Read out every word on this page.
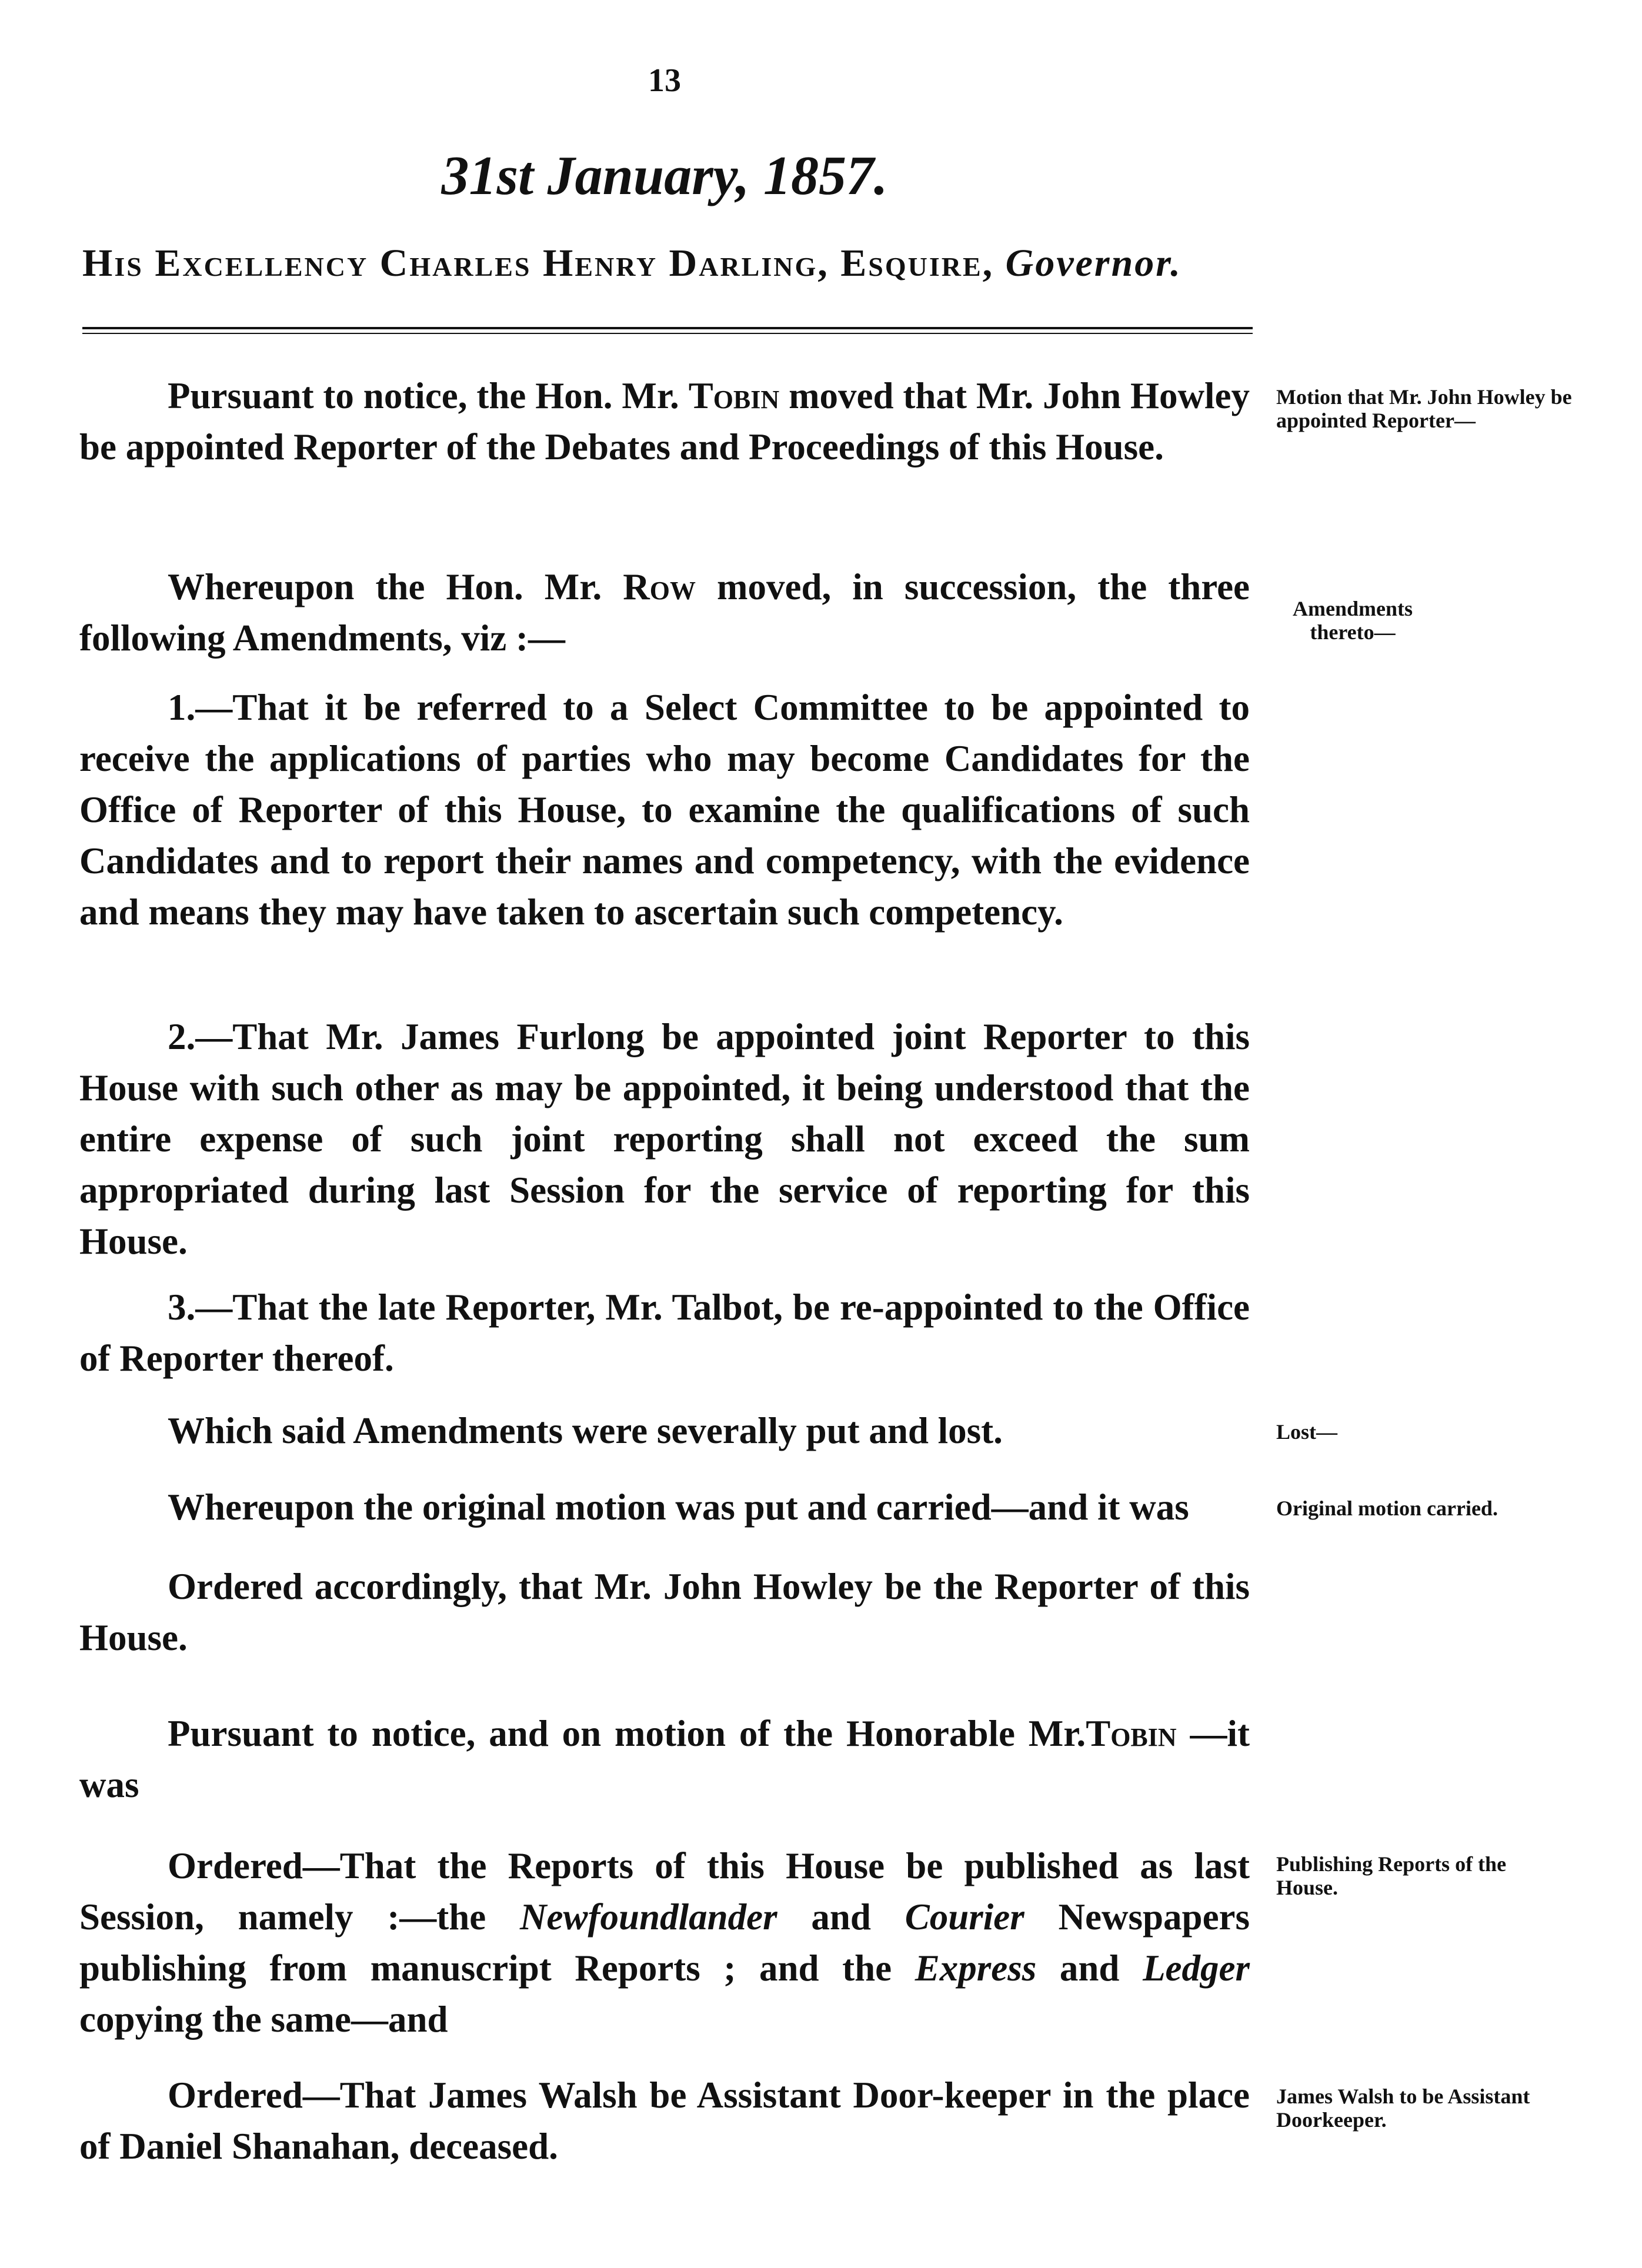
13
31st January, 1857.
His Excellency Charles Henry Darling, Esquire, Governor.

Pursuant to notice, the Hon. Mr. Tobin moved that Mr. John Howley be appointed Reporter of the Debates and Proceedings of this House.

Whereupon the Hon. Mr. Row moved, in succession, the three following Amendments, viz :—

1.—That it be referred to a Select Committee to be appointed to receive the applications of parties who may become Candidates for the Office of Reporter of this House, to examine the qualifications of such Candidates and to report their names and competency, with the evidence and means they may have taken to ascertain such competency.

2.—That Mr. James Furlong be appointed joint Reporter to this House with such other as may be appointed, it being understood that the entire expense of such joint reporting shall not exceed the sum appropriated during last Session for the service of reporting for this House.

3.—That the late Reporter, Mr. Talbot, be re-appointed to the Office of Reporter thereof.

Which said Amendments were severally put and lost.

Whereupon the original motion was put and carried—and it was

Ordered accordingly, that Mr. John Howley be the Reporter of this House.

Pursuant to notice, and on motion of the Honorable Mr.Tobin —it was

Ordered—That the Reports of this House be published as last Session, namely :—the Newfoundlander and Courier Newspapers publishing from manuscript Reports ; and the Express and Ledger copying the same—and

Ordered—That James Walsh be Assistant Door-keeper in the place of Daniel Shanahan, deceased.

Motion that Mr. John Howley be appointed Reporter—

Amendments thereto—

Lost—

Original motion carried.

Publishing Reports of the House.

James Walsh to be Assistant Doorkeeper.
